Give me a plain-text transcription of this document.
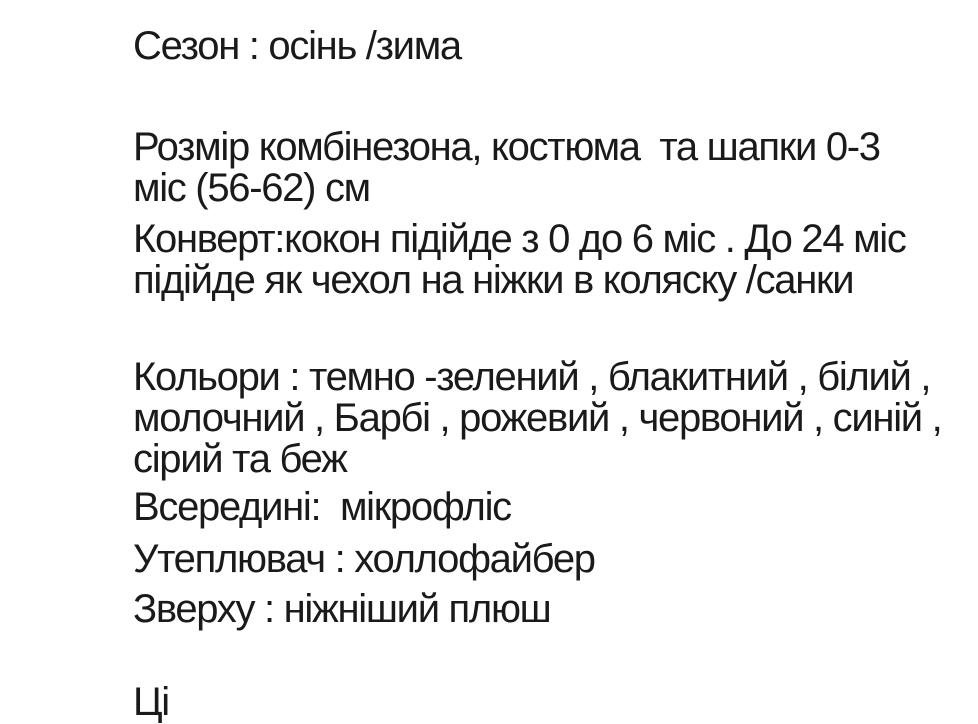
Сезон : осінь /зима

Розмір комбінезона, костюма  та шапки 0-3
міс (56-62) см

Конверт:кокон підійде з 0 до 6 міс . До 24 міс
підійде як чехол на ніжки в коляску /санки

Кольори : темно -зелений , блакитний , білий ,
молочний , Барбі , рожевий , червоний , синій ,
сірий та беж

Всередині:  мікрофліс

Утеплювач : холлофайбер

Зверху : ніжніший плюш

Ці
